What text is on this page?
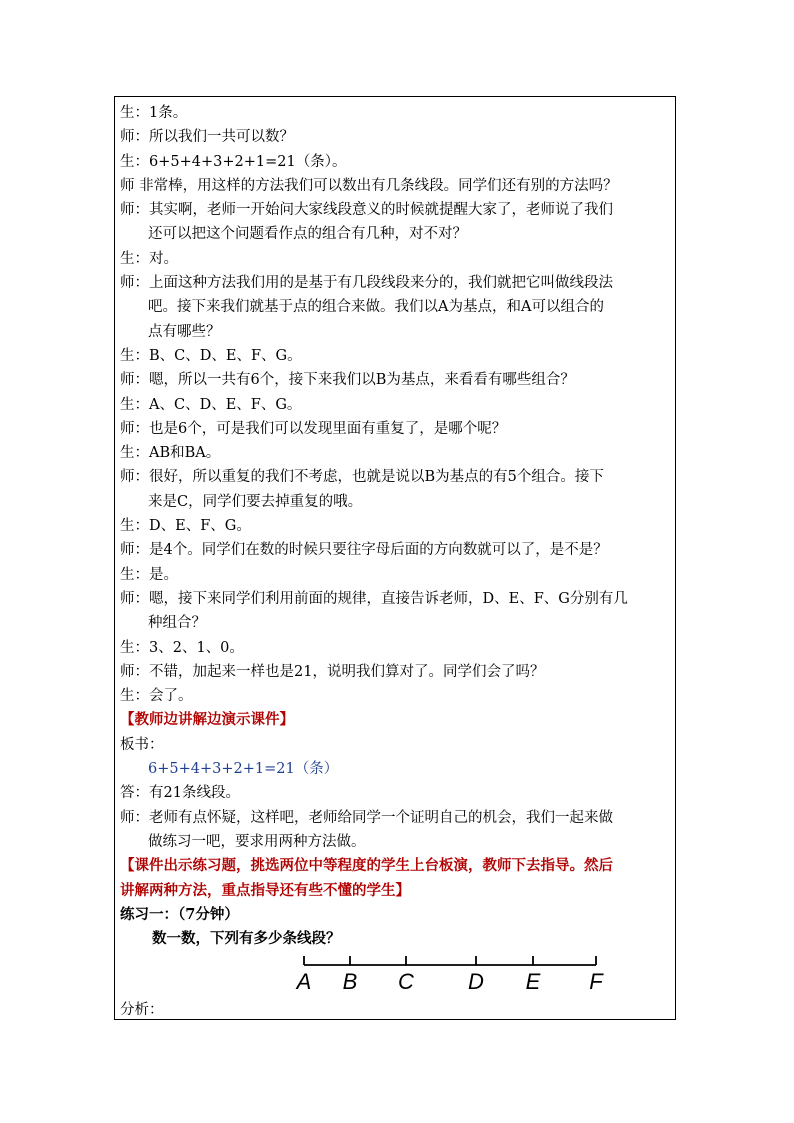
生：1条。
师：所以我们一共可以数？
生：6+5+4+3+2+1=21（条）。
师 非常棒，用这样的方法我们可以数出有几条线段。同学们还有别的方法吗？
师：其实啊，老师一开始问大家线段意义的时候就提醒大家了，老师说了我们
还可以把这个问题看作点的组合有几种，对不对？
生：对。
师：上面这种方法我们用的是基于有几段线段来分的，我们就把它叫做线段法
吧。接下来我们就基于点的组合来做。我们以A为基点，和A可以组合的
点有哪些？
生：B、C、D、E、F、G。
师：嗯，所以一共有6个，接下来我们以B为基点，来看看有哪些组合？
生：A、C、D、E、F、G。
师：也是6个，可是我们可以发现里面有重复了，是哪个呢？
生：AB和BA。
师：很好，所以重复的我们不考虑，也就是说以B为基点的有5个组合。接下
来是C，同学们要去掉重复的哦。
生：D、E、F、G。
师：是4个。同学们在数的时候只要往字母后面的方向数就可以了，是不是？
生：是。
师：嗯，接下来同学们利用前面的规律，直接告诉老师，D、E、F、G分别有几
种组合？
生：3、2、1、0。
师：不错，加起来一样也是21，说明我们算对了。同学们会了吗？
生：会了。
【教师边讲解边演示课件】
板书：
6+5+4+3+2+1=21（条）
答：有21条线段。
师：老师有点怀疑，这样吧，老师给同学一个证明自己的机会，我们一起来做
做练习一吧，要求用两种方法做。
【课件出示练习题，挑选两位中等程度的学生上台板演，教师下去指导。然后
讲解两种方法，重点指导还有些不懂的学生】
练习一：（7分钟）
数一数，下列有多少条线段？
A B C D E F
分析：
